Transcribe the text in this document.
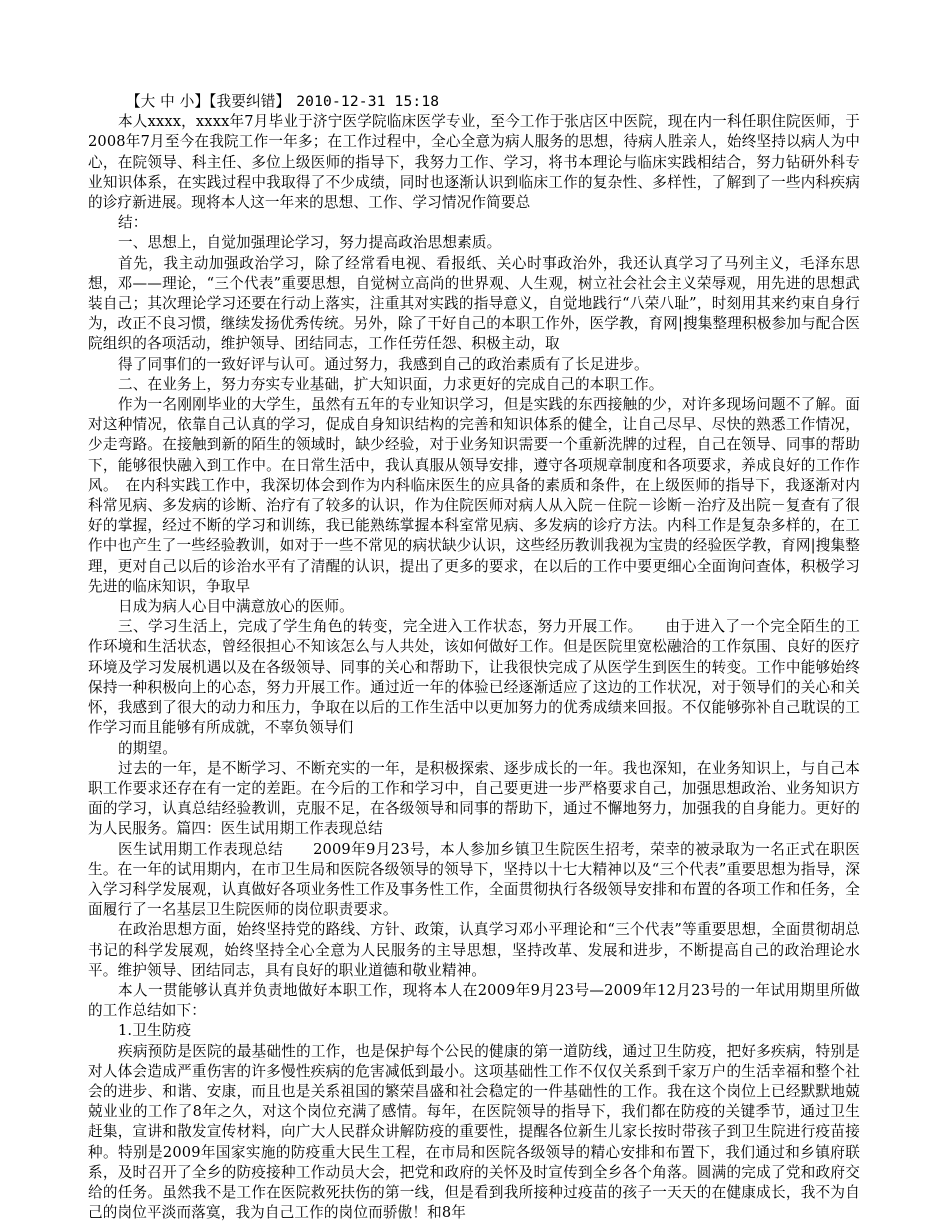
【大 中 小】【我要纠错】 2010-12-31 15:18

本人xxxx，xxxx年7月毕业于济宁医学院临床医学专业，至今工作于张店区中医院，现在内一科任职住院医师，于2008年7月至今在我院工作一年多；在工作过程中，全心全意为病人服务的思想，待病人胜亲人，始终坚持以病人为中心，在院领导、科主任、多位上级医师的指导下，我努力工作、学习，将书本理论与临床实践相结合，努力钻研外科专业知识体系，在实践过程中我取得了不少成绩，同时也逐渐认识到临床工作的复杂性、多样性，了解到了一些内科疾病的诊疗新进展。现将本人这一年来的思想、工作、学习情况作简要总

结：

一、思想上，自觉加强理论学习，努力提高政治思想素质。

首先，我主动加强政治学习，除了经常看电视、看报纸、关心时事政治外，我还认真学习了马列主义，毛泽东思想，邓——理论，“三个代表”重要思想，自觉树立高尚的世界观、人生观，树立社会社会主义荣辱观，用先进的思想武装自己；其次理论学习还要在行动上落实，注重其对实践的指导意义，自觉地践行“八荣八耻”，时刻用其来约束自身行为，改正不良习惯，继续发扬优秀传统。另外，除了干好自己的本职工作外，医学教，育网|搜集整理积极参加与配合医院组织的各项活动，维护领导、团结同志，工作任劳任怨、积极主动，取

得了同事们的一致好评与认可。通过努力，我感到自己的政治素质有了长足进步。

二、在业务上，努力夯实专业基础，扩大知识面，力求更好的完成自己的本职工作。

作为一名刚刚毕业的大学生，虽然有五年的专业知识学习，但是实践的东西接触的少，对许多现场问题不了解。面对这种情况，依靠自己认真的学习，促成自身知识结构的完善和知识体系的健全，让自己尽早、尽快的熟悉工作情况，少走弯路。在接触到新的陌生的领域时，缺少经验，对于业务知识需要一个重新洗牌的过程，自己在领导、同事的帮助下，能够很快融入到工作中。在日常生活中，我认真服从领导安排，遵守各项规章制度和各项要求，养成良好的工作作风。　在内科实践工作中，我深切体会到作为内科临床医生的应具备的素质和条件，在上级医师的指导下，我逐渐对内科常见病、多发病的诊断、治疗有了较多的认识，作为住院医师对病人从入院－住院－诊断－治疗及出院－复查有了很好的掌握，经过不断的学习和训练，我已能熟练掌握本科室常见病、多发病的诊疗方法。内科工作是复杂多样的，在工作中也产生了一些经验教训，如对于一些不常见的病状缺少认识，这些经历教训我视为宝贵的经验医学教，育网|搜集整理，更对自己以后的诊治水平有了清醒的认识，提出了更多的要求，在以后的工作中要更细心全面询问查体，积极学习先进的临床知识，争取早

日成为病人心目中满意放心的医师。

三、学习生活上，完成了学生角色的转变，完全进入工作状态，努力开展工作。　　由于进入了一个完全陌生的工作环境和生活状态，曾经很担心不知该怎么与人共处，该如何做好工作。但是医院里宽松融洽的工作氛围、良好的医疗环境及学习发展机遇以及在各级领导、同事的关心和帮助下，让我很快完成了从医学生到医生的转变。工作中能够始终保持一种积极向上的心态，努力开展工作。通过近一年的体验已经逐渐适应了这边的工作状况，对于领导们的关心和关怀，我感到了很大的动力和压力，争取在以后的工作生活中以更加努力的优秀成绩来回报。不仅能够弥补自己耽误的工作学习而且能够有所成就，不辜负领导们

的期望。

过去的一年，是不断学习、不断充实的一年，是积极探索、逐步成长的一年。我也深知，在业务知识上，与自己本职工作要求还存在有一定的差距。在今后的工作和学习中，自己要更进一步严格要求自己，加强思想政治、业务知识方面的学习，认真总结经验教训，克服不足，在各级领导和同事的帮助下，通过不懈地努力，加强我的自身能力。更好的为人民服务。篇四：医生试用期工作表现总结

医生试用期工作表现总结　　2009年9月23号，本人参加乡镇卫生院医生招考，荣幸的被录取为一名正式在职医生。在一年的试用期内，在市卫生局和医院各级领导的领导下，坚持以十七大精神以及“三个代表”重要思想为指导，深入学习科学发展观，认真做好各项业务性工作及事务性工作，全面贯彻执行各级领导安排和布置的各项工作和任务，全面履行了一名基层卫生院医师的岗位职责要求。

在政治思想方面，始终坚持党的路线、方针、政策，认真学习邓小平理论和“三个代表”等重要思想，全面贯彻胡总书记的科学发展观，始终坚持全心全意为人民服务的主导思想，坚持改革、发展和进步，不断提高自己的政治理论水平。维护领导、团结同志，具有良好的职业道德和敬业精神。

本人一贯能够认真并负责地做好本职工作，现将本人在2009年9月23号—2009年12月23号的一年试用期里所做的工作总结如下：

1.卫生防疫

疾病预防是医院的最基础性的工作，也是保护每个公民的健康的第一道防线，通过卫生防疫，把好多疾病，特别是对人体会造成严重伤害的许多慢性疾病的危害减低到最小。这项基础性工作不仅仅关系到千家万户的生活幸福和整个社会的进步、和谐、安康，而且也是关系祖国的繁荣昌盛和社会稳定的一件基础性的工作。我在这个岗位上已经默默地兢兢业业的工作了8年之久，对这个岗位充满了感情。每年，在医院领导的指导下，我们都在防疫的关键季节，通过卫生赶集，宣讲和散发宣传材料，向广大人民群众讲解防疫的重要性，提醒各位新生儿家长按时带孩子到卫生院进行疫苗接种。特别是2009年国家实施的防疫重大民生工程，在市局和医院各级领导的精心安排和布置下，我们通过和乡镇府联系，及时召开了全乡的防疫接种工作动员大会，把党和政府的关怀及时宣传到全乡各个角落。圆满的完成了党和政府交给的任务。虽然我不是工作在医院救死扶伤的第一线，但是看到我所接种过疫苗的孩子一天天的在健康成长，我不为自己的岗位平淡而落寞，我为自己工作的岗位而骄傲！和8年
